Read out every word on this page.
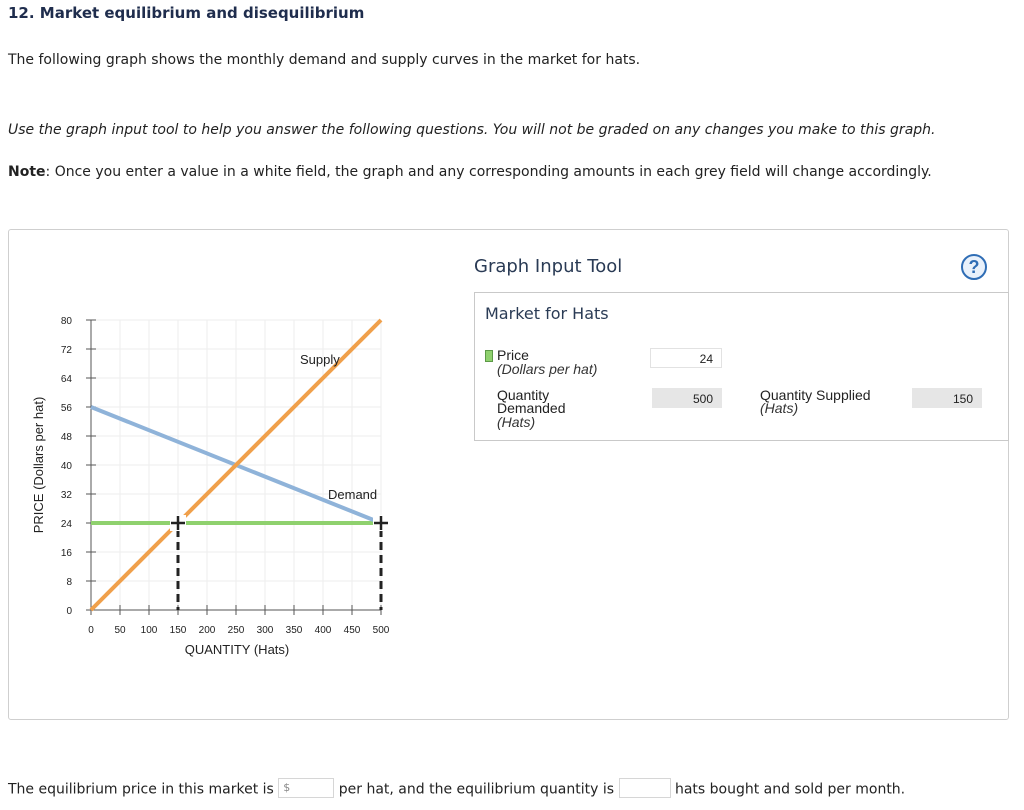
12. Market equilibrium and disequilibrium
The following graph shows the monthly demand and supply curves in the market for hats.
Use the graph input tool to help you answer the following questions. You will not be graded on any changes you make to this graph.
Note: Once you enter a value in a white field, the graph and any corresponding amounts in each grey field will change accordingly.
0
8
16
24
32
40
48
56
64
72
80
0 50 100 150 200 250 300 350 400 450 500
QUANTITY (Hats)
PRICE (Dollars per hat)
Supply
Demand
Graph Input Tool	?
Market for Hats
Price
(Dollars per hat)
24
Quantity
Demanded
(Hats)
500	Quantity Supplied
(Hats)
150
The equilibrium price in this market is $	per hat, and the equilibrium quantity is	hats bought and sold per month.
